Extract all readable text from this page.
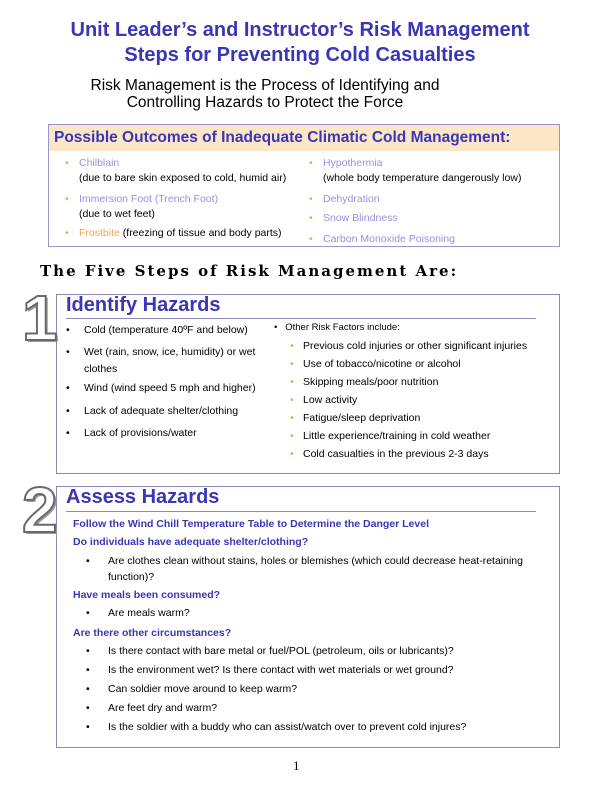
Unit Leader’s and Instructor’s Risk Management
Steps for Preventing Cold Casualties
Risk Management is the Process of Identifying and
Controlling Hazards to Protect the Force
Possible Outcomes of Inadequate Climatic Cold Management:
• Chilblain
(due to bare skin exposed to cold, humid air)
• Immersion Foot (Trench Foot)
(due to wet feet)
• Frostbite (freezing of tissue and body parts)
• Hypothermia
(whole body temperature dangerously low)
• Dehydration
• Snow Blindness
• Carbon Monoxide Poisoning
The Five Steps of Risk Management Are:
1 Identify Hazards
• Cold (temperature 40ºF and below)
• Wet (rain, snow, ice, humidity) or wet
clothes
• Wind (wind speed 5 mph and higher)
• Lack of adequate shelter/clothing
• Lack of provisions/water
• Other Risk Factors include:
• Previous cold injuries or other significant injuries
• Use of tobacco/nicotine or alcohol
• Skipping meals/poor nutrition
• Low activity
• Fatigue/sleep deprivation
• Little experience/training in cold weather
• Cold casualties in the previous 2-3 days
2 Assess Hazards
Follow the Wind Chill Temperature Table to Determine the Danger Level
Do individuals have adequate shelter/clothing?
• Are clothes clean without stains, holes or blemishes (which could decrease heat-retaining function)?
Have meals been consumed?
• Are meals warm?
Are there other circumstances?
• Is there contact with bare metal or fuel/POL (petroleum, oils or lubricants)?
• Is the environment wet? Is there contact with wet materials or wet ground?
• Can soldier move around to keep warm?
• Are feet dry and warm?
• Is the soldier with a buddy who can assist/watch over to prevent cold injures?
1
